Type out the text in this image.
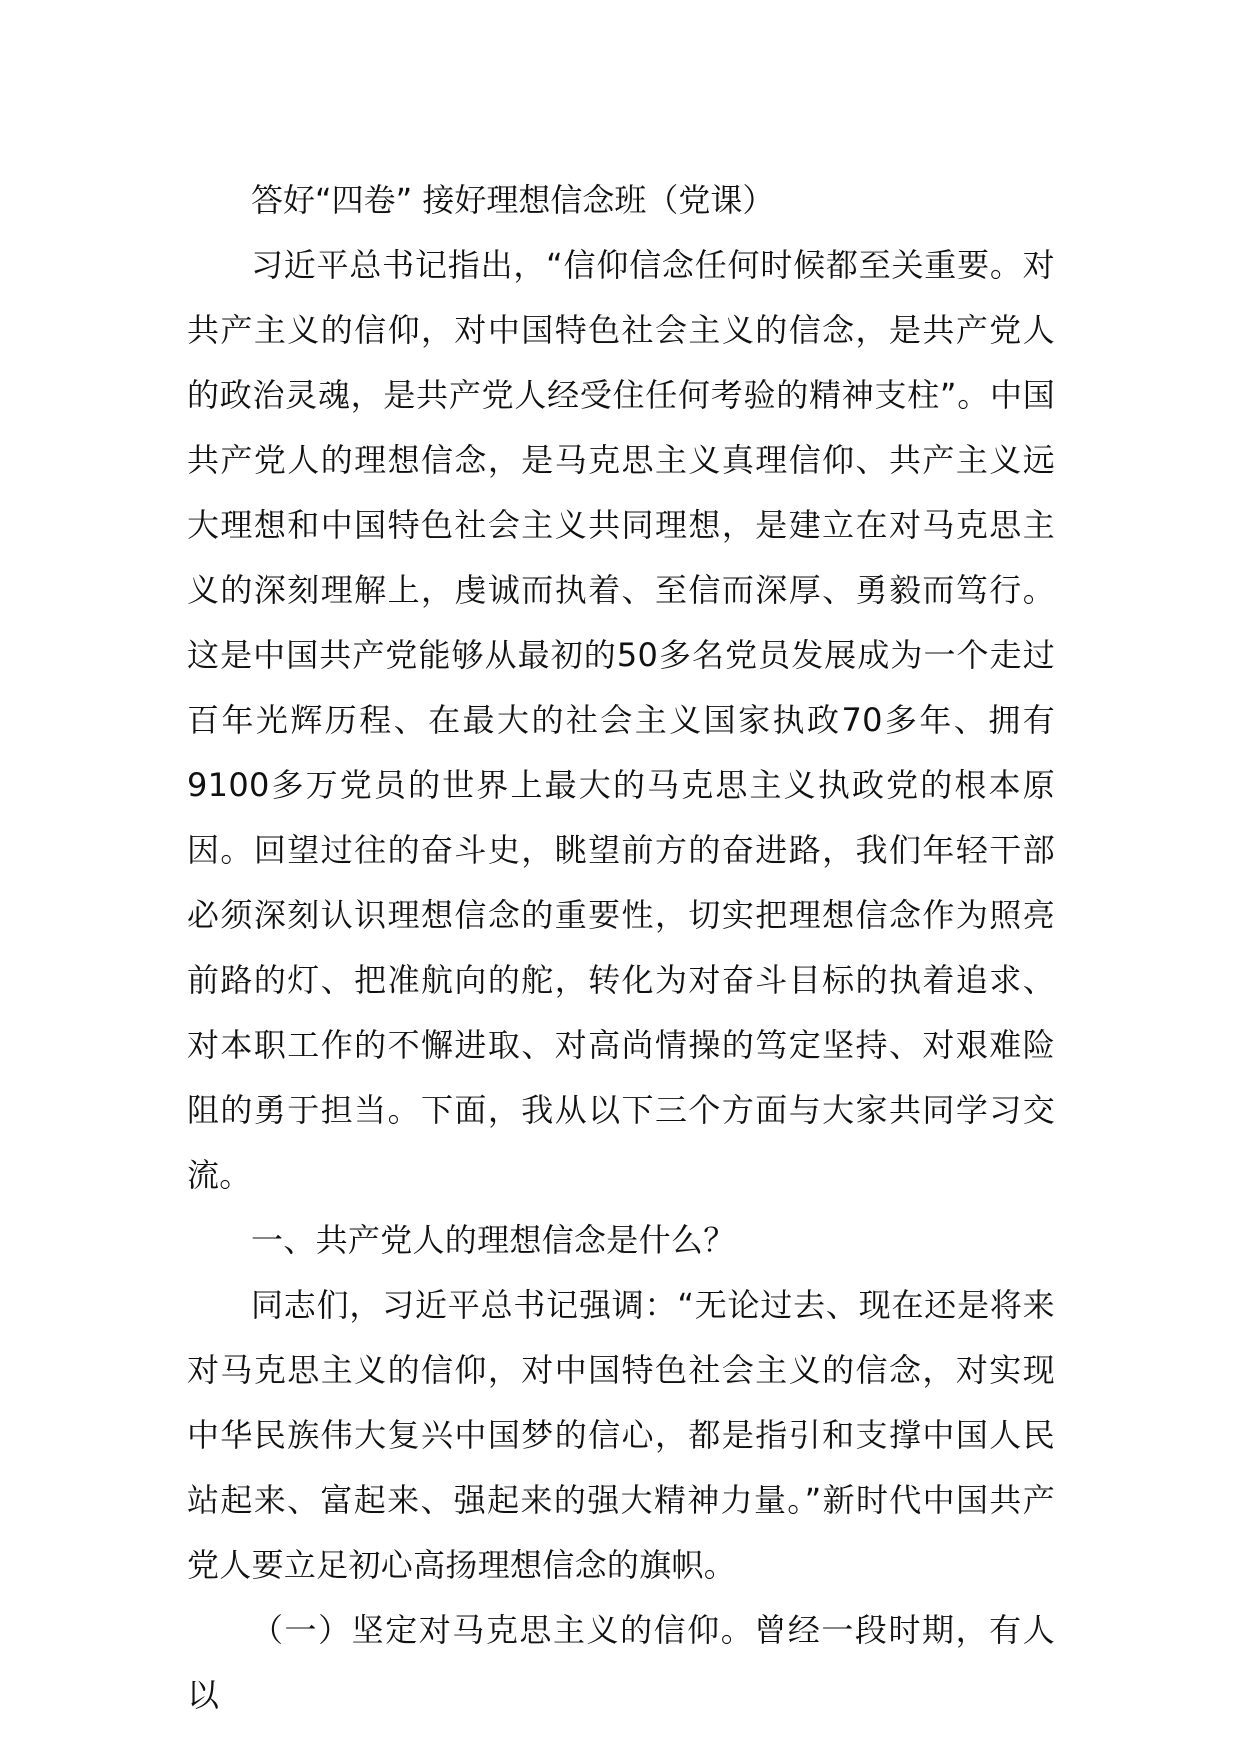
答好“四卷” 接好理想信念班（党课）

习近平总书记指出，“信仰信念任何时候都至关重要。对共产主义的信仰，对中国特色社会主义的信念，是共产党人的政治灵魂，是共产党人经受住任何考验的精神支柱”。中国共产党人的理想信念，是马克思主义真理信仰、共产主义远大理想和中国特色社会主义共同理想，是建立在对马克思主义的深刻理解上，虔诚而执着、至信而深厚、勇毅而笃行。这是中国共产党能够从最初的50多名党员发展成为一个走过百年光辉历程、在最大的社会主义国家执政70多年、拥有9100多万党员的世界上最大的马克思主义执政党的根本原因。回望过往的奋斗史，眺望前方的奋进路，我们年轻干部必须深刻认识理想信念的重要性，切实把理想信念作为照亮前路的灯、把准航向的舵，转化为对奋斗目标的执着追求、对本职工作的不懈进取、对高尚情操的笃定坚持、对艰难险阻的勇于担当。下面，我从以下三个方面与大家共同学习交流。

一、共产党人的理想信念是什么？

同志们，习近平总书记强调：“无论过去、现在还是将来对马克思主义的信仰，对中国特色社会主义的信念，对实现中华民族伟大复兴中国梦的信心，都是指引和支撑中国人民站起来、富起来、强起来的强大精神力量。”新时代中国共产党人要立足初心高扬理想信念的旗帜。

（一）坚定对马克思主义的信仰。曾经一段时期，有人以
